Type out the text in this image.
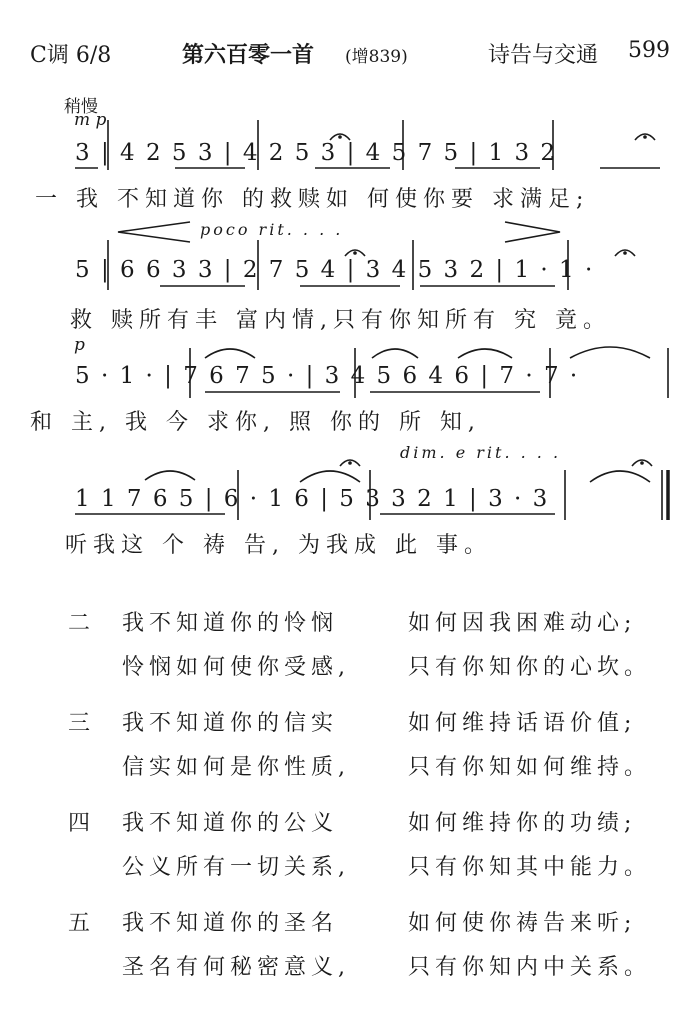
C调 6/8	第六百零一首 (增839)	诗告与交通 599
稍慢
m p
poco rit. . . .
p
dim. e rit. . . .
3 | 4 2 5 3 | 4 2 5 3 | 4 5 7 5 | 1 3 2
一 我 不知道你 的救赎如 何使你要 求满足;
5 | 6 6 3 3 | 2 7 5 4 | 3 4 5 3 2 | 1 · 1 ·
救 赎所有丰 富内情,只有你知所有 究 竟。
5 · 1 · | 7 6 7 5 · | 3 4 5 6 4 6 | 7 · 7 ·
和 主, 我 今 求你, 照 你的 所 知,
1 1 7 6 5 | 6 · 1 6 | 5 3 3 2 1 | 3 · 3
听我这 个 祷 告, 为我成 此 事。
二 我不知道你的怜悯	如何因我困难动心;
怜悯如何使你受感,	只有你知你的心坎。
三 我不知道你的信实	如何维持话语价值;
信实如何是你性质,	只有你知如何维持。
四 我不知道你的公义	如何维持你的功绩;
公义所有一切关系,	只有你知其中能力。
五 我不知道你的圣名	如何使你祷告来听;
圣名有何秘密意义,	只有你知内中关系。
